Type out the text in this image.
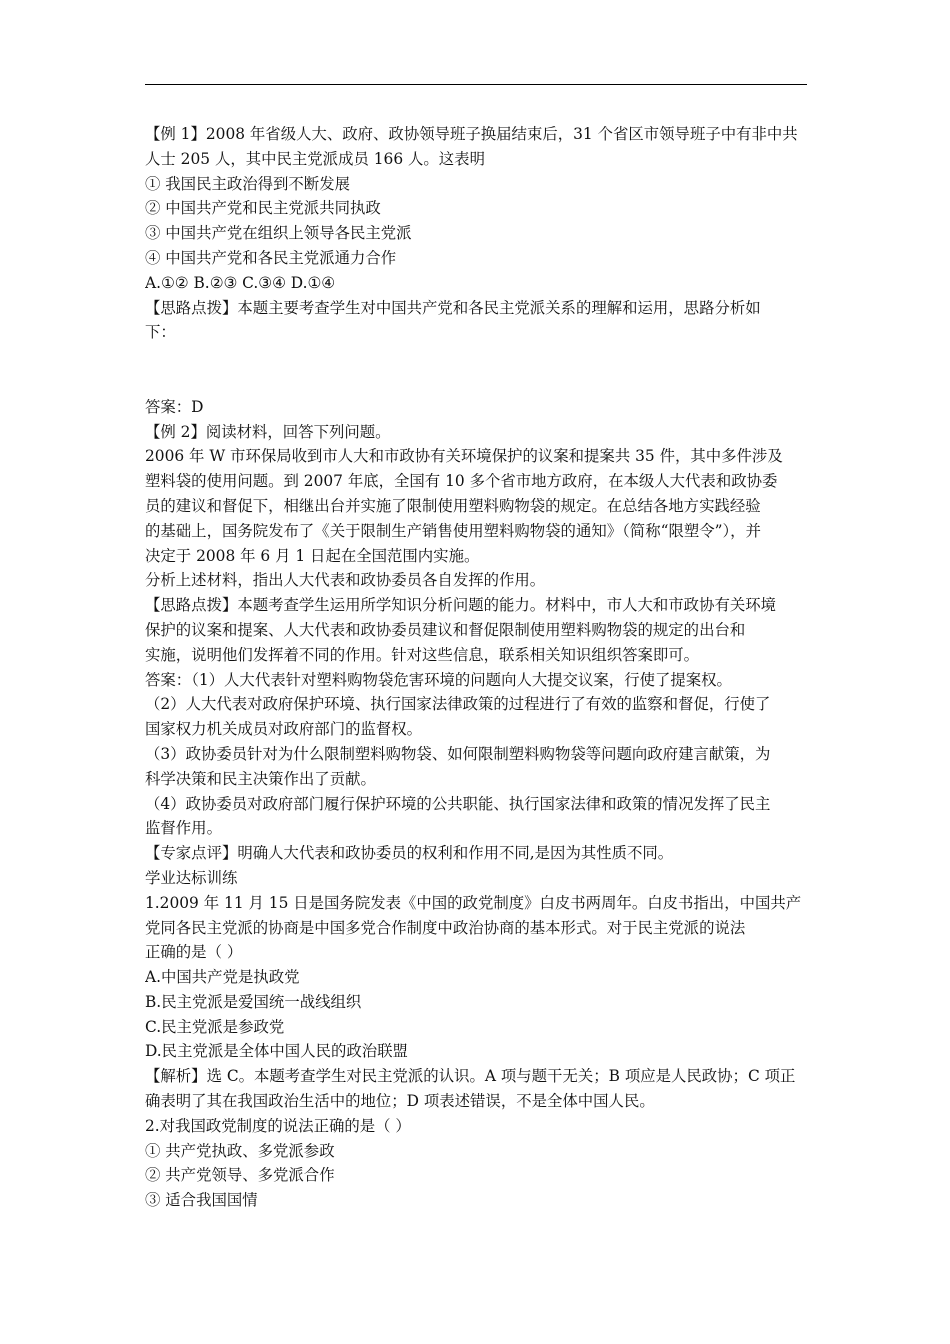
【例 1】2008 年省级人大、政府、政协领导班子换届结束后，31 个省区市领导班子中有非中共
人士 205 人，其中民主党派成员 166 人。这表明
① 我国民主政治得到不断发展
② 中国共产党和民主党派共同执政
③ 中国共产党在组织上领导各民主党派
④ 中国共产党和各民主党派通力合作
A.①② B.②③ C.③④ D.①④
【思路点拨】本题主要考查学生对中国共产党和各民主党派关系的理解和运用，思路分析如
下：
答案：D
【例 2】阅读材料，回答下列问题。
2006 年 W 市环保局收到市人大和市政协有关环境保护的议案和提案共 35 件，其中多件涉及
塑料袋的使用问题。到 2007 年底，全国有 10 多个省市地方政府，在本级人大代表和政协委
员的建议和督促下，相继出台并实施了限制使用塑料购物袋的规定。在总结各地方实践经验
的基础上，国务院发布了《关于限制生产销售使用塑料购物袋的通知》（简称“限塑令”），并
决定于 2008 年 6 月 1 日起在全国范围内实施。
分析上述材料，指出人大代表和政协委员各自发挥的作用。
【思路点拨】本题考查学生运用所学知识分析问题的能力。材料中，市人大和市政协有关环境
保护的议案和提案、人大代表和政协委员建议和督促限制使用塑料购物袋的规定的出台和
实施，说明他们发挥着不同的作用。针对这些信息，联系相关知识组织答案即可。
答案：（1）人大代表针对塑料购物袋危害环境的问题向人大提交议案，行使了提案权。
（2）人大代表对政府保护环境、执行国家法律政策的过程进行了有效的监察和督促，行使了
国家权力机关成员对政府部门的监督权。
（3）政协委员针对为什么限制塑料购物袋、如何限制塑料购物袋等问题向政府建言献策，为
科学决策和民主决策作出了贡献。
（4）政协委员对政府部门履行保护环境的公共职能、执行国家法律和政策的情况发挥了民主
监督作用。
【专家点评】明确人大代表和政协委员的权利和作用不同,是因为其性质不同。
学业达标训练
1.2009 年 11 月 15 日是国务院发表《中国的政党制度》白皮书两周年。白皮书指出，中国共产
党同各民主党派的协商是中国多党合作制度中政治协商的基本形式。对于民主党派的说法
正确的是（ ）
A.中国共产党是执政党
B.民主党派是爱国统一战线组织
C.民主党派是参政党
D.民主党派是全体中国人民的政治联盟
【解析】选 C。本题考查学生对民主党派的认识。A 项与题干无关；B 项应是人民政协；C 项正
确表明了其在我国政治生活中的地位；D 项表述错误，不是全体中国人民。
2.对我国政党制度的说法正确的是（ ）
① 共产党执政、多党派参政
② 共产党领导、多党派合作
③ 适合我国国情
